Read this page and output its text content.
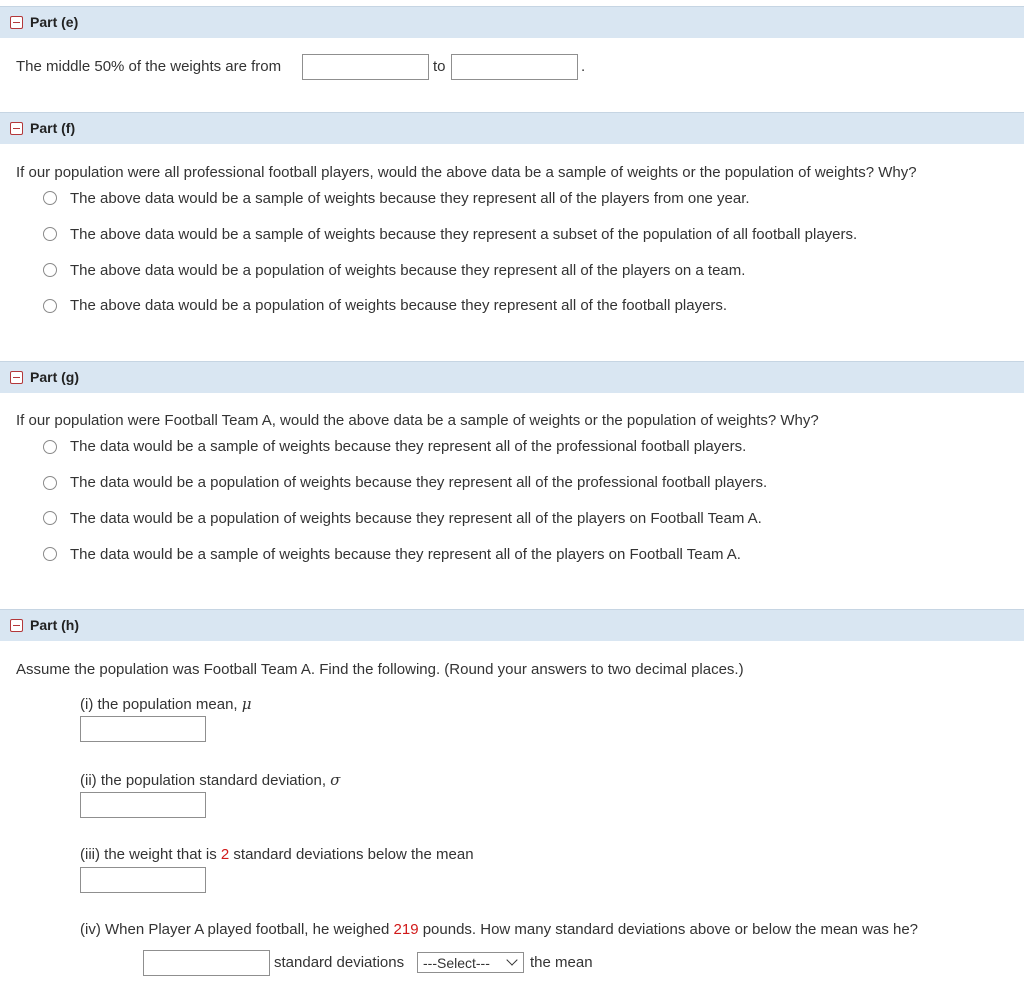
Part (e)
The middle 50% of the weights are from	to	.
Part (f)
If our population were all professional football players, would the above data be a sample of weights or the population of weights? Why?
The above data would be a sample of weights because they represent all of the players from one year.
The above data would be a sample of weights because they represent a subset of the population of all football players.
The above data would be a population of weights because they represent all of the players on a team.
The above data would be a population of weights because they represent all of the football players.
Part (g)
If our population were Football Team A, would the above data be a sample of weights or the population of weights? Why?
The data would be a sample of weights because they represent all of the professional football players.
The data would be a population of weights because they represent all of the professional football players.
The data would be a population of weights because they represent all of the players on Football Team A.
The data would be a sample of weights because they represent all of the players on Football Team A.
Part (h)
Assume the population was Football Team A. Find the following. (Round your answers to two decimal places.)
(i) the population mean, μ
(ii) the population standard deviation, σ
(iii) the weight that is 2 standard deviations below the mean
(iv) When Player A played football, he weighed 219 pounds. How many standard deviations above or below the mean was he?
standard deviations ---Select---	the mean
